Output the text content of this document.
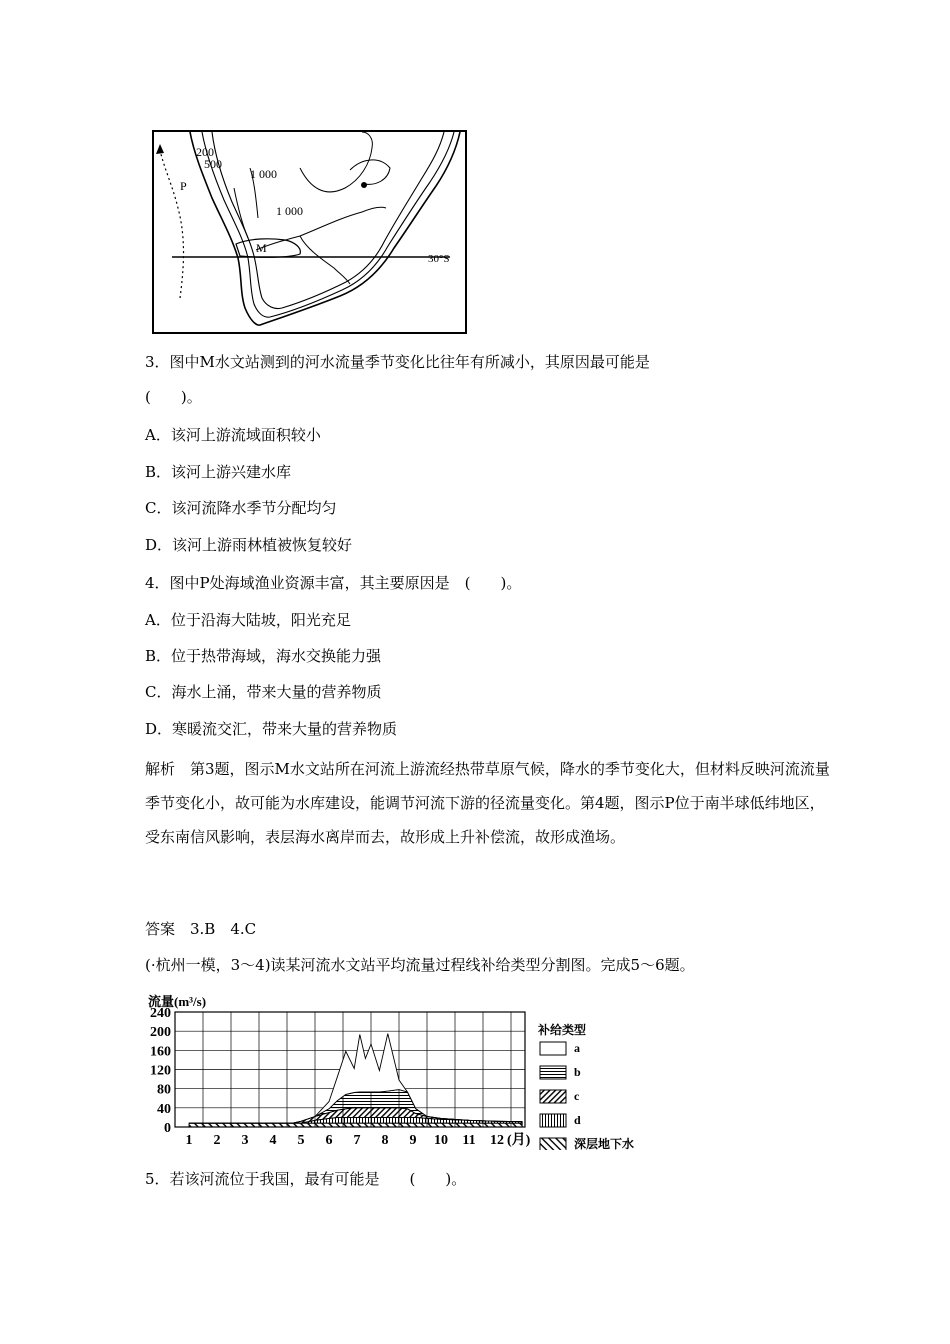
200
500
1 000
1 000
P
M
30°S
3．图中M水文站测到的河水流量季节变化比往年有所减小，其原因最可能是
(　　)。
A．该河上游流域面积较小
B．该河上游兴建水库
C．该河流降水季节分配均匀
D．该河上游雨林植被恢复较好
4．图中P处海域渔业资源丰富，其主要原因是　(　　)。
A．位于沿海大陆坡，阳光充足
B．位于热带海域，海水交换能力强
C．海水上涌，带来大量的营养物质
D．寒暖流交汇，带来大量的营养物质
解析　第3题，图示M水文站所在河流上游流经热带草原气候，降水的季节变化大，但材料反映河流流量季节变化小，故可能为水库建设，能调节河流下游的径流量变化。第4题，图示P位于南半球低纬地区，受东南信风影响，表层海水离岸而去，故形成上升补偿流，故形成渔场。
答案　3.B　4.C
(·杭州一模，3～4)读某河流水文站平均流量过程线补给类型分割图。完成5～6题。
流量(m³/s)
240
200
160
120
80
40
0
1 2 3 4 5 6 7 8 9 10 11 12 (月)
补给类型
a
b
c
d
深层地下水
5．若该河流位于我国，最有可能是　　(　　)。
